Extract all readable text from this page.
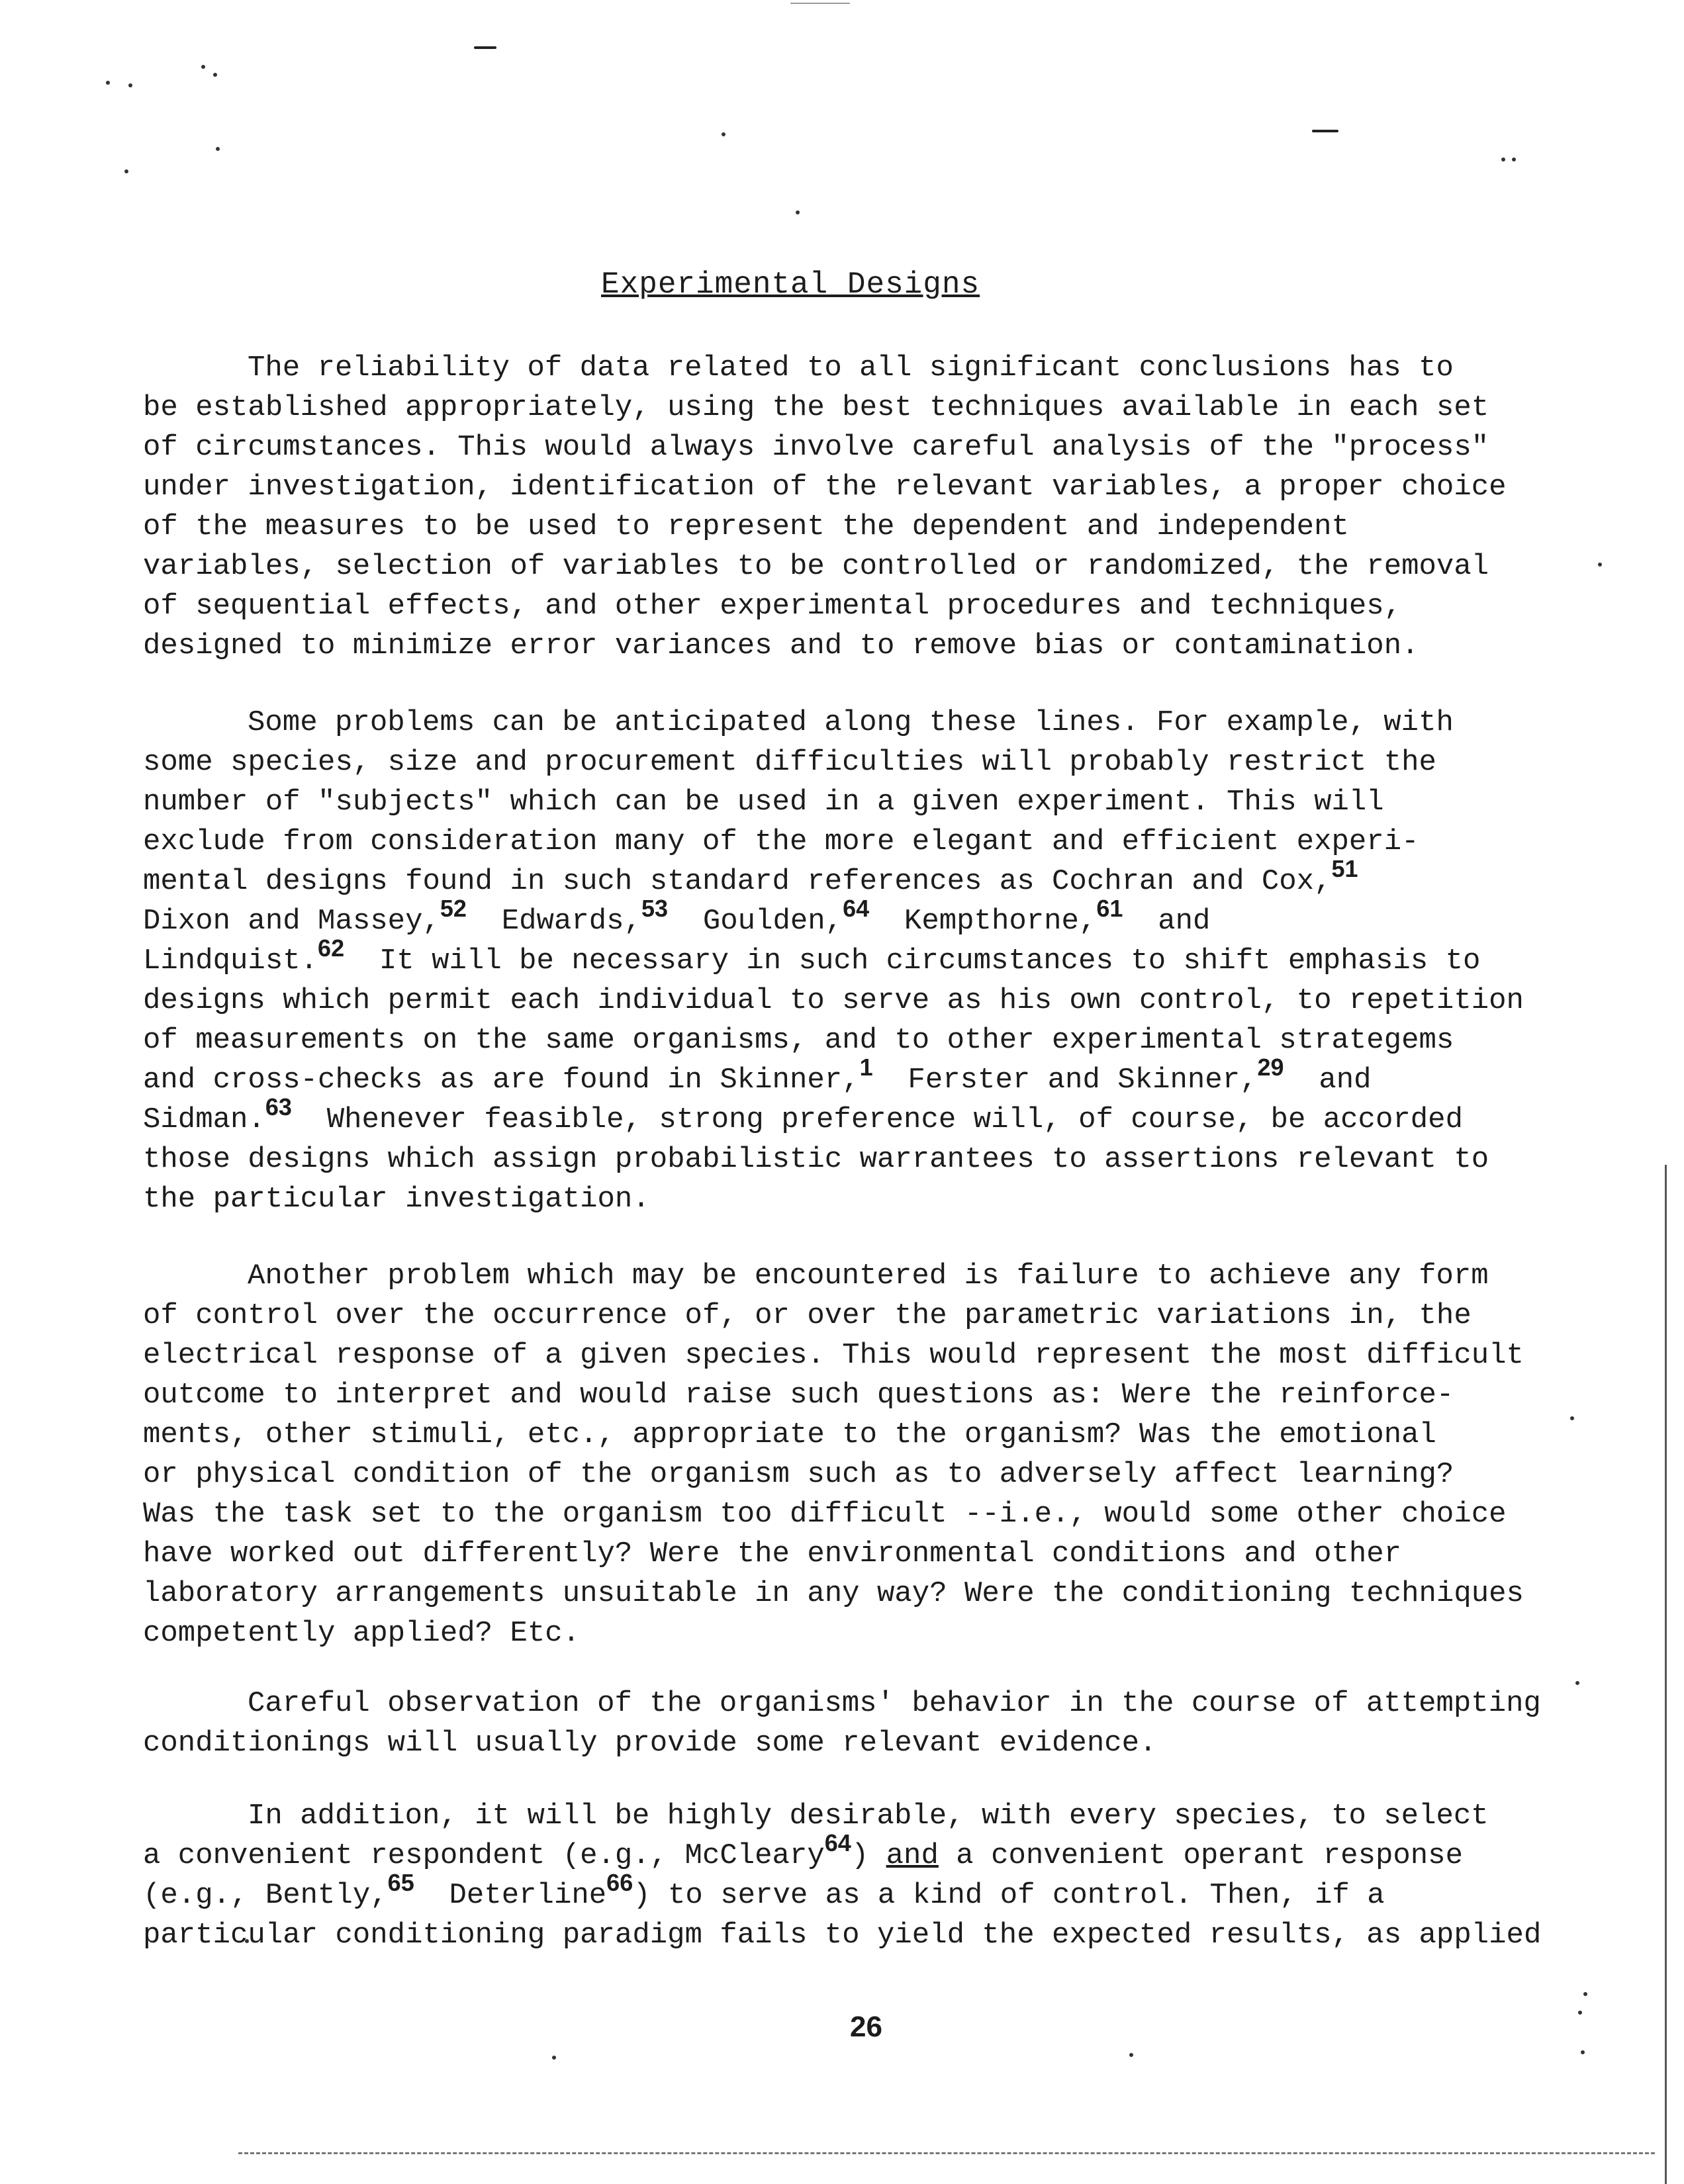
Experimental Designs
The reliability of data related to all significant conclusions has to
be established appropriately, using the best techniques available in each set
of circumstances. This would always involve careful analysis of the "process"
under investigation, identification of the relevant variables, a proper choice
of the measures to be used to represent the dependent and independent
variables, selection of variables to be controlled or randomized, the removal
of sequential effects, and other experimental procedures and techniques,
designed to minimize error variances and to remove bias or contamination.
Some problems can be anticipated along these lines. For example, with
some species, size and procurement difficulties will probably restrict the
number of "subjects" which can be used in a given experiment. This will
exclude from consideration many of the more elegant and efficient experi-
mental designs found in such standard references as Cochran and Cox,$^{51}$
Dixon and Massey,$^{52}$ Edwards,$^{53}$ Goulden,$^{64}$ Kempthorne,$^{61}$ and
Lindquist.$^{62}$ It will be necessary in such circumstances to shift emphasis to
designs which permit each individual to serve as his own control, to repetition
of measurements on the same organisms, and to other experimental strategems
and cross-checks as are found in Skinner,$^1$ Ferster and Skinner,$^{29}$ and
Sidman.$^{63}$ Whenever feasible, strong preference will, of course, be accorded
those designs which assign probabilistic warrantees to assertions relevant to
the particular investigation.
Another problem which may be encountered is failure to achieve any form
of control over the occurrence of, or over the parametric variations in, the
electrical response of a given species. This would represent the most difficult
outcome to interpret and would raise such questions as: Were the reinforce-
ments, other stimuli, etc., appropriate to the organism? Was the emotional
or physical condition of the organism such as to adversely affect learning?
Was the task set to the organism too difficult --i.e., would some other choice
have worked out differently? Were the environmental conditions and other
laboratory arrangements unsuitable in any way? Were the conditioning techniques
competently applied? Etc.
Careful observation of the organisms' behavior in the course of attempting
conditionings will usually provide some relevant evidence.
In addition, it will be highly desirable, with every species, to select
a convenient respondent (e.g., McCleary$^{64}$) and a convenient operant response
(e.g., Bently,$^{65}$ Deterline$^{66}$) to serve as a kind of control. Then, if a
particular conditioning paradigm fails to yield the expected results, as applied
26
